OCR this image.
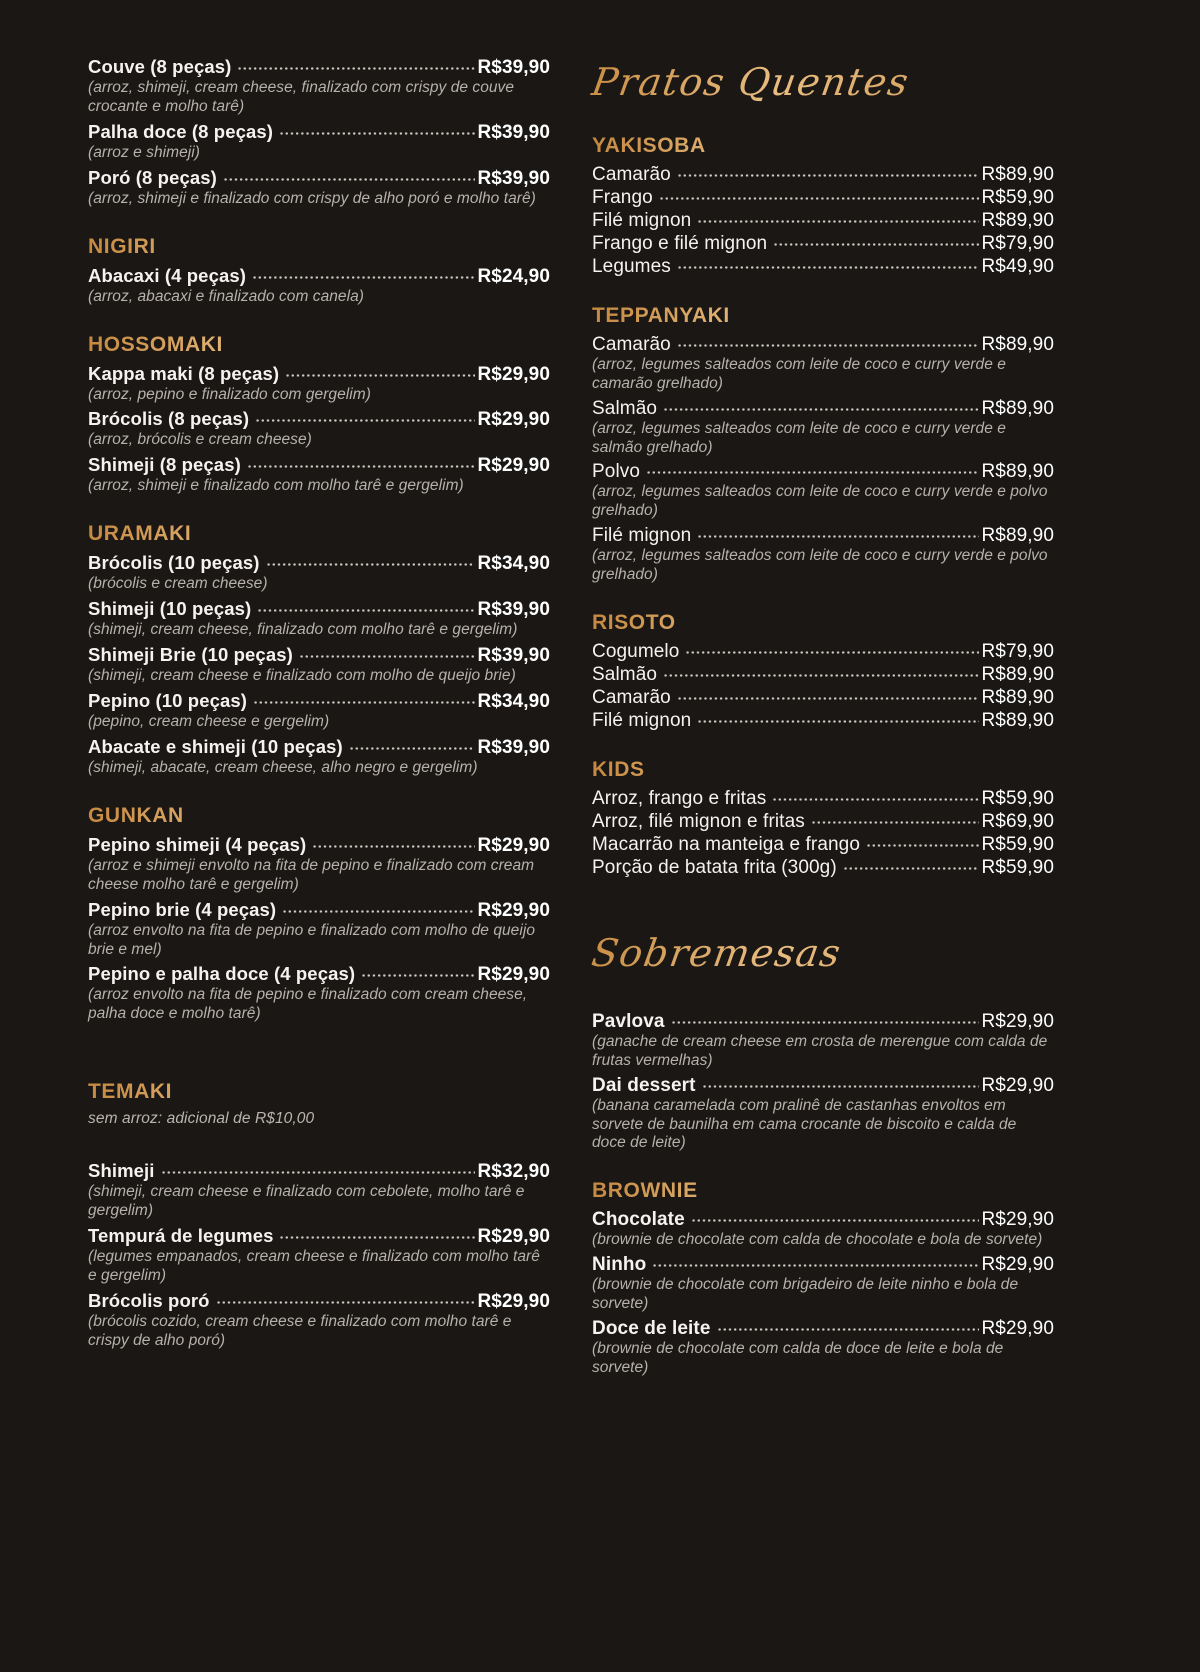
Couve (8 peças)	R$39,90
(arroz, shimeji, cream cheese, finalizado com crispy de couve crocante e molho tarê)
Palha doce (8 peças)	R$39,90
(arroz e shimeji)
Poró (8 peças)	R$39,90
(arroz, shimeji e finalizado com crispy de alho poró e molho tarê)
NIGIRI
Abacaxi (4 peças)	R$24,90
(arroz, abacaxi e finalizado com canela)
HOSSOMAKI
Kappa maki (8 peças)	R$29,90
(arroz, pepino e finalizado com gergelim)
Brócolis (8 peças)	R$29,90
(arroz, brócolis e cream cheese)
Shimeji (8 peças)	R$29,90
(arroz, shimeji e finalizado com molho tarê e gergelim)
URAMAKI
Brócolis (10 peças)	R$34,90
(brócolis e cream cheese)
Shimeji (10 peças)	R$39,90
(shimeji, cream cheese, finalizado com molho tarê e gergelim)
Shimeji Brie (10 peças)	R$39,90
(shimeji, cream cheese e finalizado com molho de queijo brie)
Pepino (10 peças)	R$34,90
(pepino, cream cheese e gergelim)
Abacate e shimeji (10 peças)	R$39,90
(shimeji, abacate, cream cheese, alho negro e gergelim)
GUNKAN
Pepino shimeji (4 peças)	R$29,90
(arroz e shimeji envolto na fita de pepino e finalizado com cream cheese molho tarê e gergelim)
Pepino brie (4 peças)	R$29,90
(arroz envolto na fita de pepino e finalizado com molho de queijo brie e mel)
Pepino e palha doce (4 peças)	R$29,90
(arroz envolto na fita de pepino e finalizado com cream cheese, palha doce e molho tarê)
TEMAKI
sem arroz: adicional de R$10,00
Shimeji	R$32,90
(shimeji, cream cheese e finalizado com cebolete, molho tarê e gergelim)
Tempurá de legumes	R$29,90
(legumes empanados, cream cheese e finalizado com molho tarê e gergelim)
Brócolis poró	R$29,90
(brócolis cozido, cream cheese e finalizado com molho tarê e crispy de alho poró)
Pratos Quentes
YAKISOBA
Camarão	R$89,90
Frango	R$59,90
Filé mignon	R$89,90
Frango e filé mignon	R$79,90
Legumes	R$49,90
TEPPANYAKI
Camarão	R$89,90
(arroz, legumes salteados com leite de coco e curry verde e camarão grelhado)
Salmão	R$89,90
(arroz, legumes salteados com leite de coco e curry verde e salmão grelhado)
Polvo	R$89,90
(arroz, legumes salteados com leite de coco e curry verde e polvo grelhado)
Filé mignon	R$89,90
(arroz, legumes salteados com leite de coco e curry verde e polvo grelhado)
RISOTO
Cogumelo	R$79,90
Salmão	R$89,90
Camarão	R$89,90
Filé mignon	R$89,90
KIDS
Arroz, frango e fritas	R$59,90
Arroz, filé mignon e fritas	R$69,90
Macarrão na manteiga e frango	R$59,90
Porção de batata frita (300g)	R$59,90
Sobremesas
Pavlova	R$29,90
(ganache de cream cheese em crosta de merengue com calda de frutas vermelhas)
Dai dessert	R$29,90
(banana caramelada com pralinê de castanhas envoltos em sorvete de baunilha em cama crocante de biscoito e calda de doce de leite)
BROWNIE
Chocolate	R$29,90
(brownie de chocolate com calda de chocolate e bola de sorvete)
Ninho	R$29,90
(brownie de chocolate com brigadeiro de leite ninho e bola de sorvete)
Doce de leite	R$29,90
(brownie de chocolate com calda de doce de leite e bola de sorvete)
